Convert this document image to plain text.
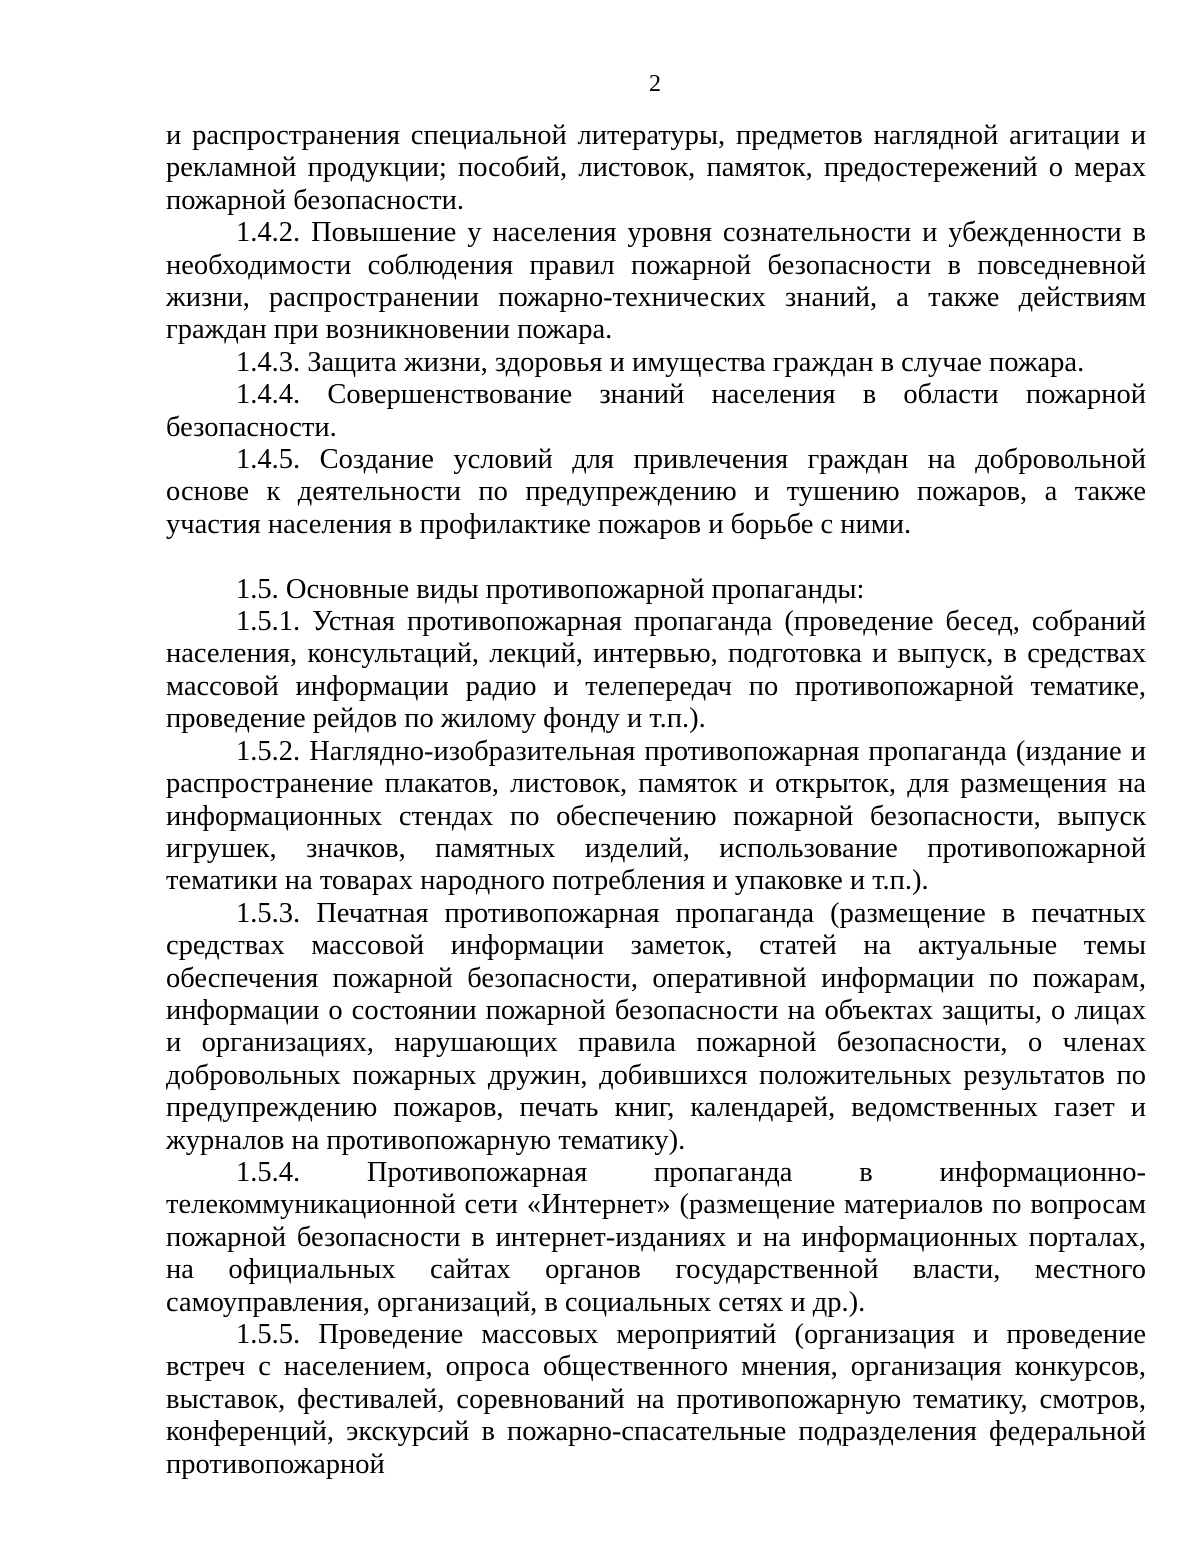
2

и распространения специальной литературы, предметов наглядной агитации и рекламной продукции; пособий, листовок, памяток, предостережений о мерах пожарной безопасности.

1.4.2. Повышение у населения уровня сознательности и убежденности в необходимости соблюдения правил пожарной безопасности в повседневной жизни, распространении пожарно-технических знаний, а также действиям граждан при возникновении пожара.

1.4.3. Защита жизни, здоровья и имущества граждан в случае пожара.

1.4.4. Совершенствование знаний населения в области пожарной безопасности.

1.4.5. Создание условий для привлечения граждан на добровольной основе к деятельности по предупреждению и тушению пожаров, а также участия населения в профилактике пожаров и борьбе с ними.

1.5. Основные виды противопожарной пропаганды:

1.5.1. Устная противопожарная пропаганда (проведение бесед, собраний населения, консультаций, лекций, интервью, подготовка и выпуск, в средствах массовой информации радио и телепередач по противопожарной тематике, проведение рейдов по жилому фонду и т.п.).

1.5.2. Наглядно-изобразительная противопожарная пропаганда (издание и распространение плакатов, листовок, памяток и открыток, для размещения на информационных стендах по обеспечению пожарной безопасности, выпуск игрушек, значков, памятных изделий, использование противопожарной тематики на товарах народного потребления и упаковке и т.п.).

1.5.3. Печатная противопожарная пропаганда (размещение в печатных средствах массовой информации заметок, статей на актуальные темы обеспечения пожарной безопасности, оперативной информации по пожарам, информации о состоянии пожарной безопасности на объектах защиты, о лицах и организациях, нарушающих правила пожарной безопасности, о членах добровольных пожарных дружин, добившихся положительных результатов по предупреждению пожаров, печать книг, календарей, ведомственных газет и журналов на противопожарную тематику).

1.5.4. Противопожарная пропаганда в информационно-телекоммуникационной сети «Интернет» (размещение материалов по вопросам пожарной безопасности в интернет-изданиях и на информационных порталах, на официальных сайтах органов государственной власти, местного самоуправления, организаций, в социальных сетях и др.).

1.5.5. Проведение массовых мероприятий (организация и проведение встреч с населением, опроса общественного мнения, организация конкурсов, выставок, фестивалей, соревнований на противопожарную тематику, смотров, конференций, экскурсий в пожарно-спасательные подразделения федеральной противопожарной
